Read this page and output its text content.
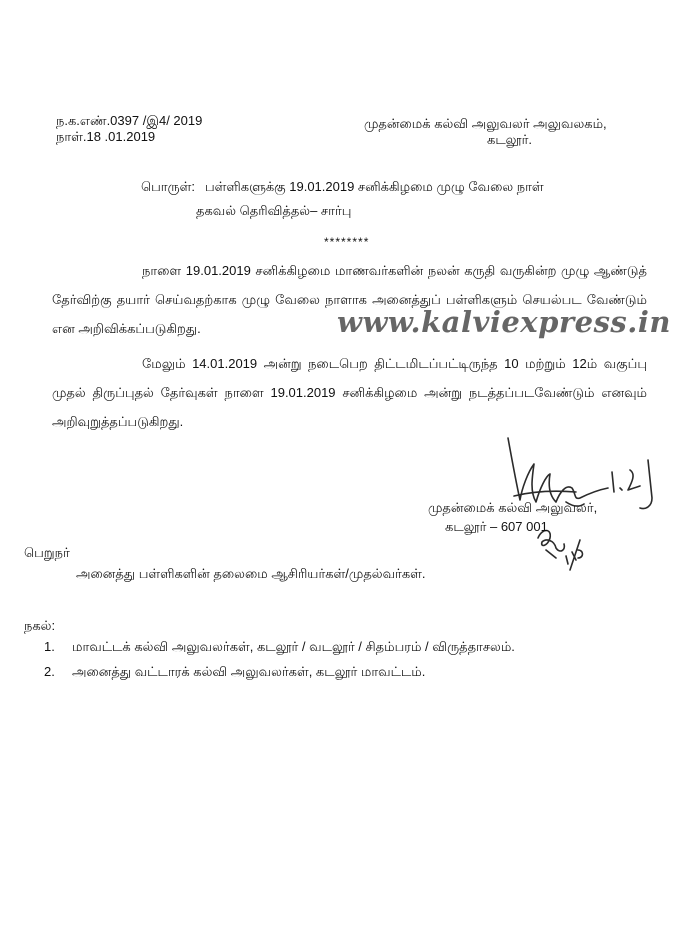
ந.க.எண்.0397 /இ4/ 2019
நாள்.18 .01.2019
முதன்மைக் கல்வி அலுவலர் அலுவலகம்,
கடலூர்.
பொருள்: பள்ளிகளுக்கு 19.01.2019 சனிக்கிழமை முழு வேலை நாள்
தகவல் தெரிவித்தல்– சார்பு
********
நாளை 19.01.2019 சனிக்கிழமை மாணவர்களின் நலன் கருதி வருகின்ற முழு ஆண்டுத் தேர்விற்கு தயார் செய்வதற்காக முழு வேலை நாளாக அனைத்துப் பள்ளிகளும் செயல்பட வேண்டும் என அறிவிக்கப்படுகிறது.
மேலும் 14.01.2019 அன்று நடைபெற திட்டமிடப்பட்டிருந்த 10 மற்றும் 12ம் வகுப்பு முதல் திருப்புதல் தேர்வுகள் நாளை 19.01.2019 சனிக்கிழமை அன்று நடத்தப்படவேண்டும் எனவும் அறிவுறுத்தப்படுகிறது.
www.kalviexpress.in
முதன்மைக் கல்வி அலுவலர்,
கடலூர் – 607 001
பெறுநர்
அனைத்து பள்ளிகளின் தலைமை ஆசிரியர்கள்/முதல்வர்கள்.
நகல்:
1. மாவட்டக் கல்வி அலுவலர்கள், கடலூர் / வடலூர் / சிதம்பரம் / விருத்தாசலம்.
2. அனைத்து வட்டாரக் கல்வி அலுவலர்கள், கடலூர் மாவட்டம்.
